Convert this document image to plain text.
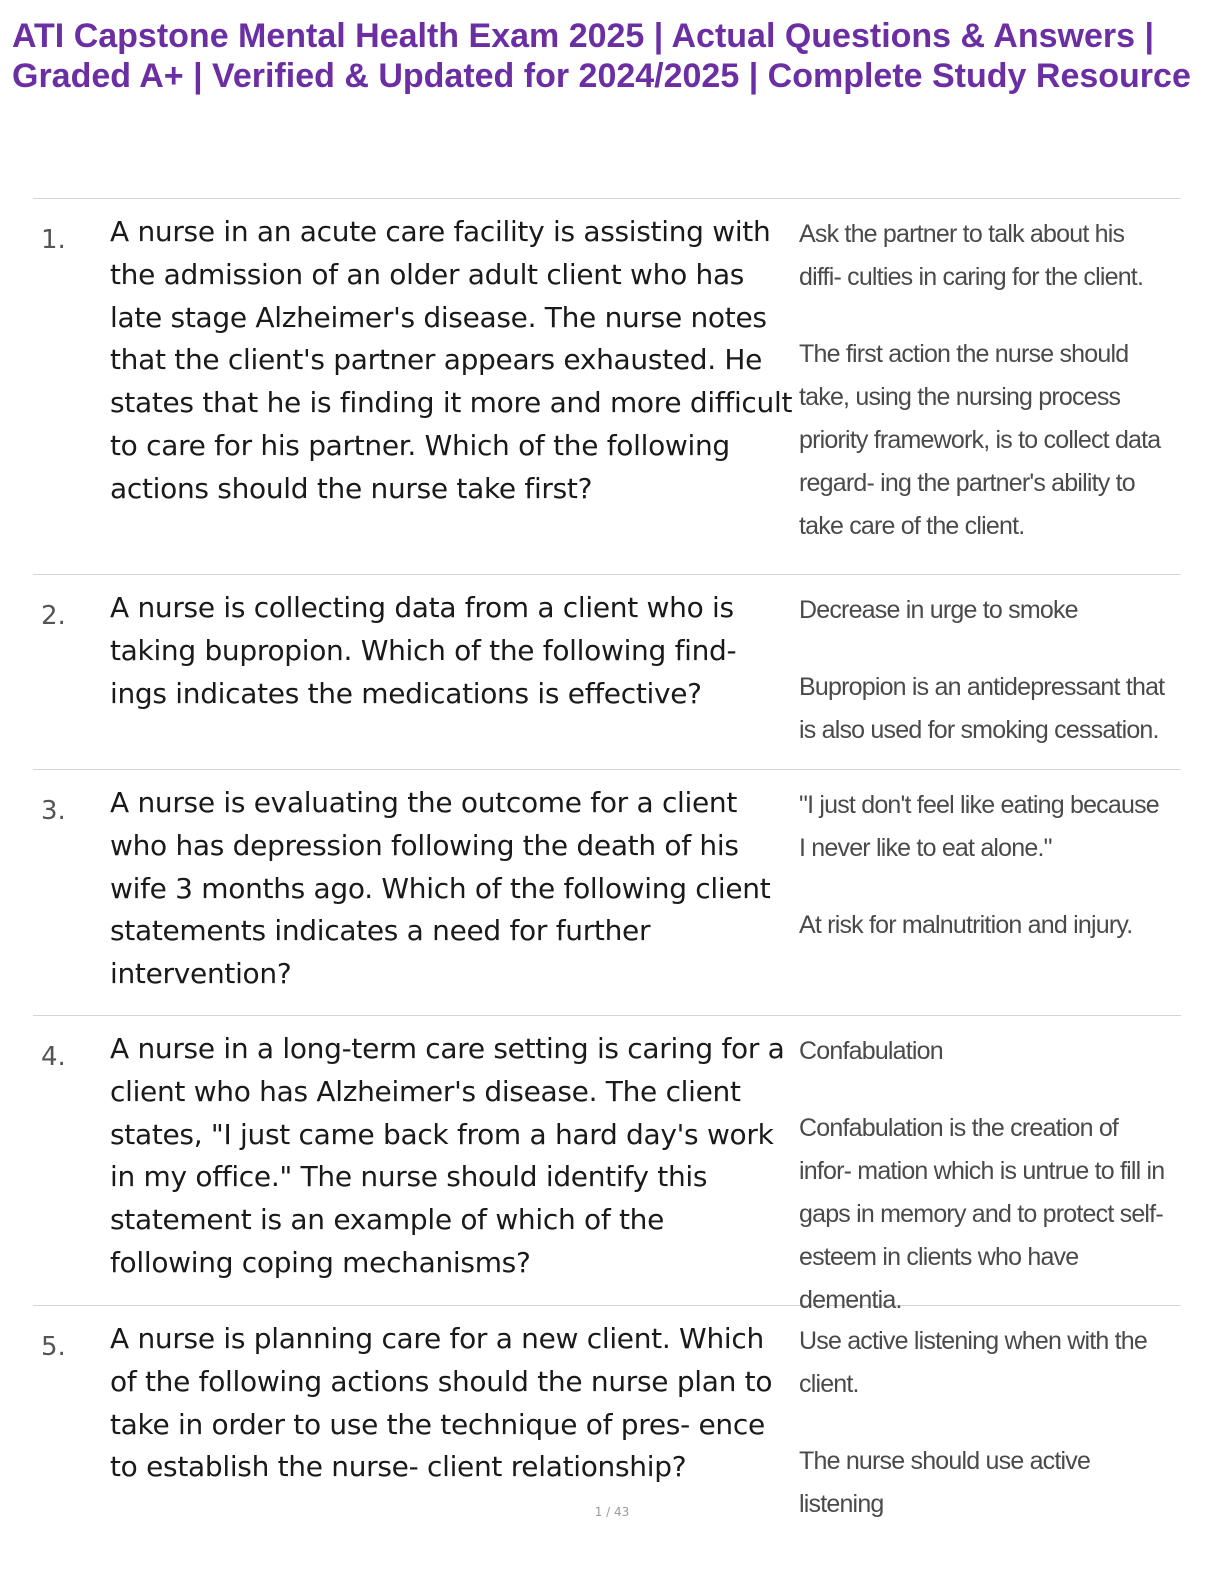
ATI Capstone Mental Health Exam 2025 | Actual Questions & Answers | Graded A+ | Verified & Updated for 2024/2025 | Complete Study Resource
1. A nurse in an acute care facility is assisting with the admission of an older adult client who has late stage Alzheimer's disease. The nurse notes that the client's partner appears exhausted. He states that he is finding it more and more difficult to care for his partner. Which of the following actions should the nurse take first?
Ask the partner to talk about his diffi- culties in caring for the client.
The first action the nurse should take, using the nursing process priority framework, is to collect data regard- ing the partner's ability to take care of the client.
2. A nurse is collecting data from a client who is taking bupropion. Which of the following find- ings indicates the medications is effective?
Decrease in urge to smoke
Bupropion is an antidepressant that is also used for smoking cessation.
3. A nurse is evaluating the outcome for a client who has depression following the death of his wife 3 months ago. Which of the following client statements indicates a need for further intervention?
"I just don't feel like eating because I never like to eat alone."
At risk for malnutrition and injury.
4. A nurse in a long-term care setting is caring for a client who has Alzheimer's disease. The client states, "I just came back from a hard day's work in my office." The nurse should identify this statement is an example of which of the following coping mechanisms?
Confabulation
Confabulation is the creation of infor- mation which is untrue to fill in gaps in memory and to protect self-esteem in clients who have dementia.
5. A nurse is planning care for a new client. Which of the following actions should the nurse plan to take in order to use the technique of pres- ence to establish the nurse- client relationship?
Use active listening when with the client.
The nurse should use active listening
1 / 43
